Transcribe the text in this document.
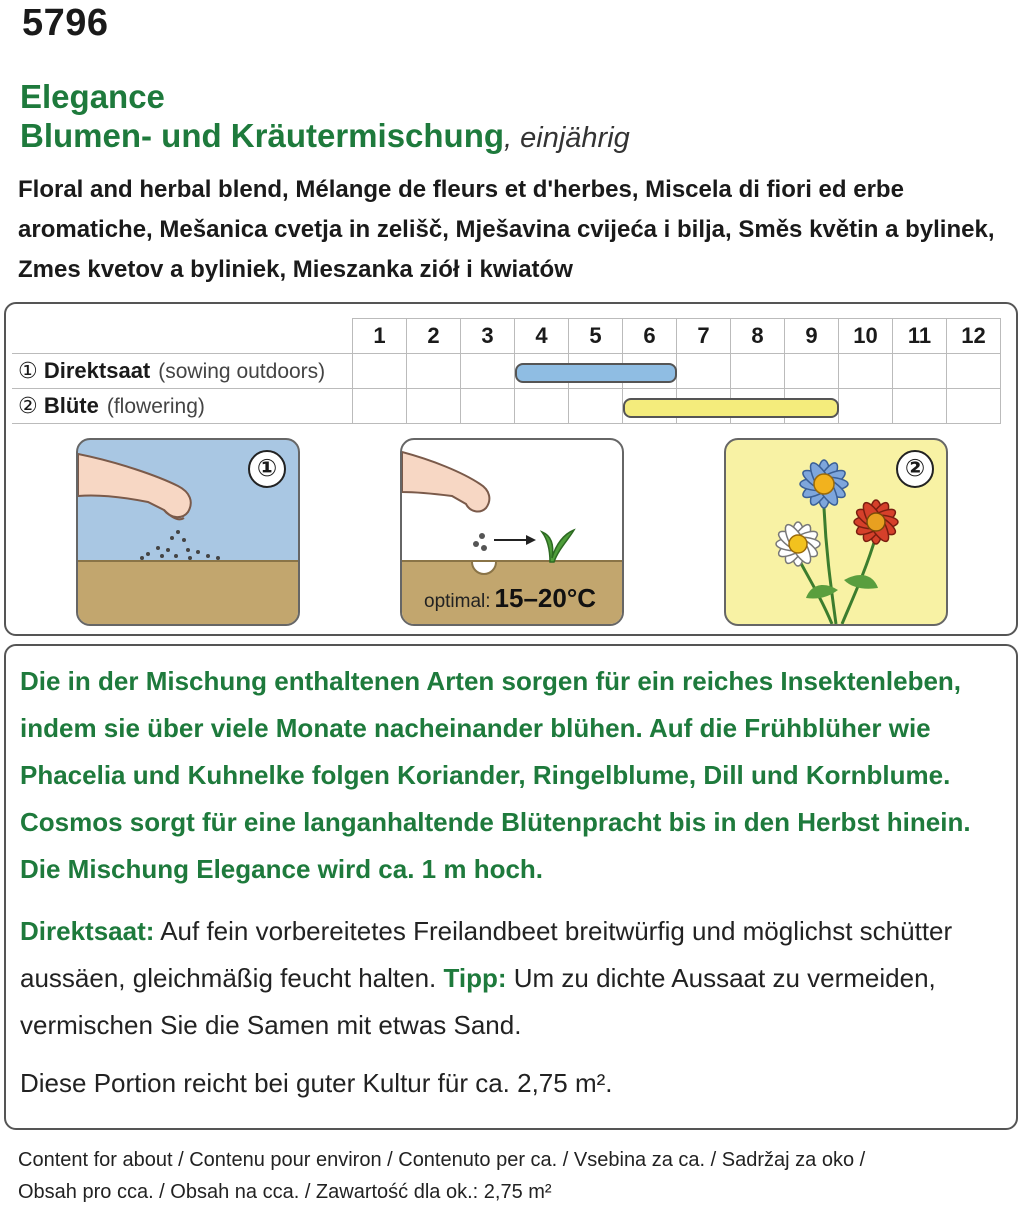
5796
Elegance
Blumen- und Kräutermischung, einjährig
Floral and herbal blend, Mélange de fleurs et d'herbes, Miscela di fiori ed erbe aromatiche, Mešanica cvetja in zelišč, Mješavina cvijeća i bilja, Směs květin a bylinek, Zmes kvetov a byliniek, Mieszanka ziół i kwiatów
	1	2	3	4	5	6	7	8	9	10	11	12
① Direktsaat (sowing outdoors)												
② Blüte (flowering)												
①
optimal: 15–20°C
②
Die in der Mischung enthaltenen Arten sorgen für ein reiches Insektenleben, indem sie über viele Monate nacheinander blühen. Auf die Frühblüher wie Phacelia und Kuhnelke folgen Koriander, Ringelblume, Dill und Kornblume. Cosmos sorgt für eine langanhaltende Blütenpracht bis in den Herbst hinein. Die Mischung Elegance wird ca. 1 m hoch.
Direktsaat: Auf fein vorbereitetes Freilandbeet breitwürfig und möglichst schütter aussäen, gleichmäßig feucht halten. Tipp: Um zu dichte Aussaat zu vermeiden, vermischen Sie die Samen mit etwas Sand.
Diese Portion reicht bei guter Kultur für ca. 2,75 m².
Content for about / Contenu pour environ / Contenuto per ca. / Vsebina za ca. / Sadržaj za oko /
Obsah pro cca. / Obsah na cca. / Zawartość dla ok.: 2,75 m²
